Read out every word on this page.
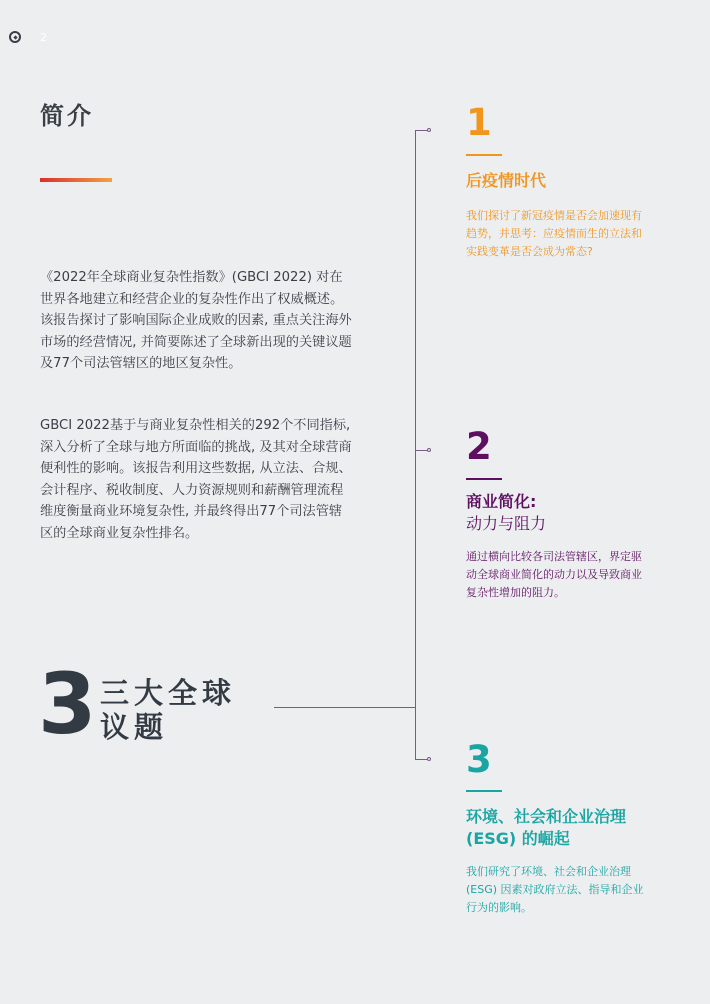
2
简介
《2022年全球商业复杂性指数》(GBCI 2022) 对在世界各地建立和经营企业的复杂性作出了权威概述。该报告探讨了影响国际企业成败的因素, 重点关注海外市场的经营情况, 并简要陈述了全球新出现的关键议题及77个司法管辖区的地区复杂性。
GBCI 2022基于与商业复杂性相关的292个不同指标, 深入分析了全球与地方所面临的挑战, 及其对全球营商便利性的影响。该报告利用这些数据, 从立法、合规、会计程序、税收制度、人力资源规则和薪酬管理流程维度衡量商业环境复杂性, 并最终得出77个司法管辖区的全球商业复杂性排名。
3 三大全球
议题
1
后疫情时代
我们探讨了新冠疫情是否会加速现有趋势，并思考：应疫情而生的立法和实践变革是否会成为常态?
2
商业简化:
动力与阻力
通过横向比较各司法管辖区，界定驱动全球商业简化的动力以及导致商业复杂性增加的阻力。
3
环境、社会和企业治理
(ESG) 的崛起
我们研究了环境、社会和企业治理 (ESG) 因素对政府立法、指导和企业行为的影响。
